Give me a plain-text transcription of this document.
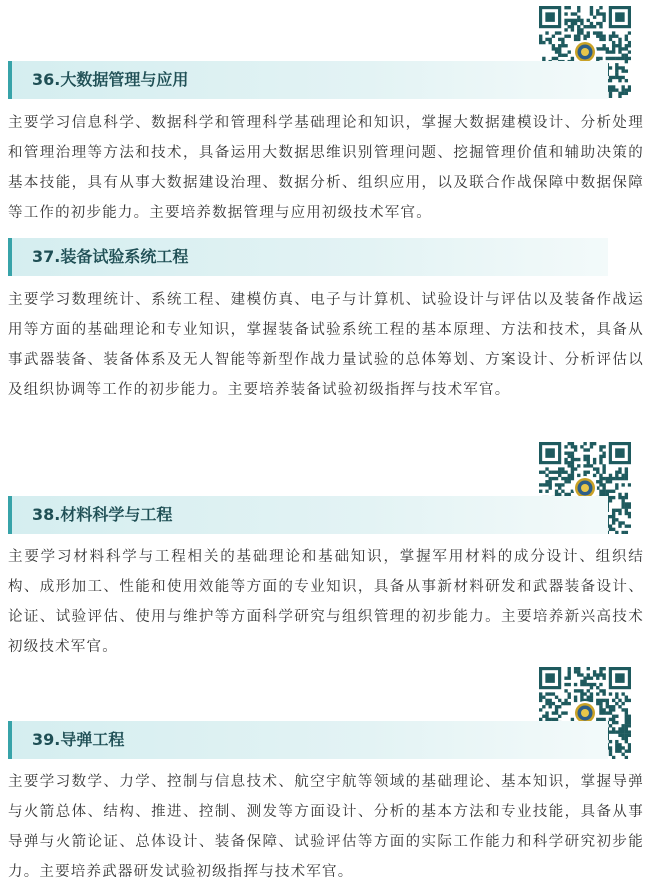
36.大数据管理与应用

主要学习信息科学、数据科学和管理科学基础理论和知识，掌握大数据建模设计、分析处理和管理治理等方法和技术，具备运用大数据思维识别管理问题、挖掘管理价值和辅助决策的基本技能，具有从事大数据建设治理、数据分析、组织应用，以及联合作战保障中数据保障等工作的初步能力。主要培养数据管理与应用初级技术军官。

37.装备试验系统工程

主要学习数理统计、系统工程、建模仿真、电子与计算机、试验设计与评估以及装备作战运用等方面的基础理论和专业知识，掌握装备试验系统工程的基本原理、方法和技术，具备从事武器装备、装备体系及无人智能等新型作战力量试验的总体筹划、方案设计、分析评估以及组织协调等工作的初步能力。主要培养装备试验初级指挥与技术军官。

38.材料科学与工程

主要学习材料科学与工程相关的基础理论和基础知识，掌握军用材料的成分设计、组织结构、成形加工、性能和使用效能等方面的专业知识，具备从事新材料研发和武器装备设计、论证、试验评估、使用与维护等方面科学研究与组织管理的初步能力。主要培养新兴高技术初级技术军官。

39.导弹工程

主要学习数学、力学、控制与信息技术、航空宇航等领域的基础理论、基本知识，掌握导弹与火箭总体、结构、推进、控制、测发等方面设计、分析的基本方法和专业技能，具备从事导弹与火箭论证、总体设计、装备保障、试验评估等方面的实际工作能力和科学研究初步能力。主要培养武器研发试验初级指挥与技术军官。
